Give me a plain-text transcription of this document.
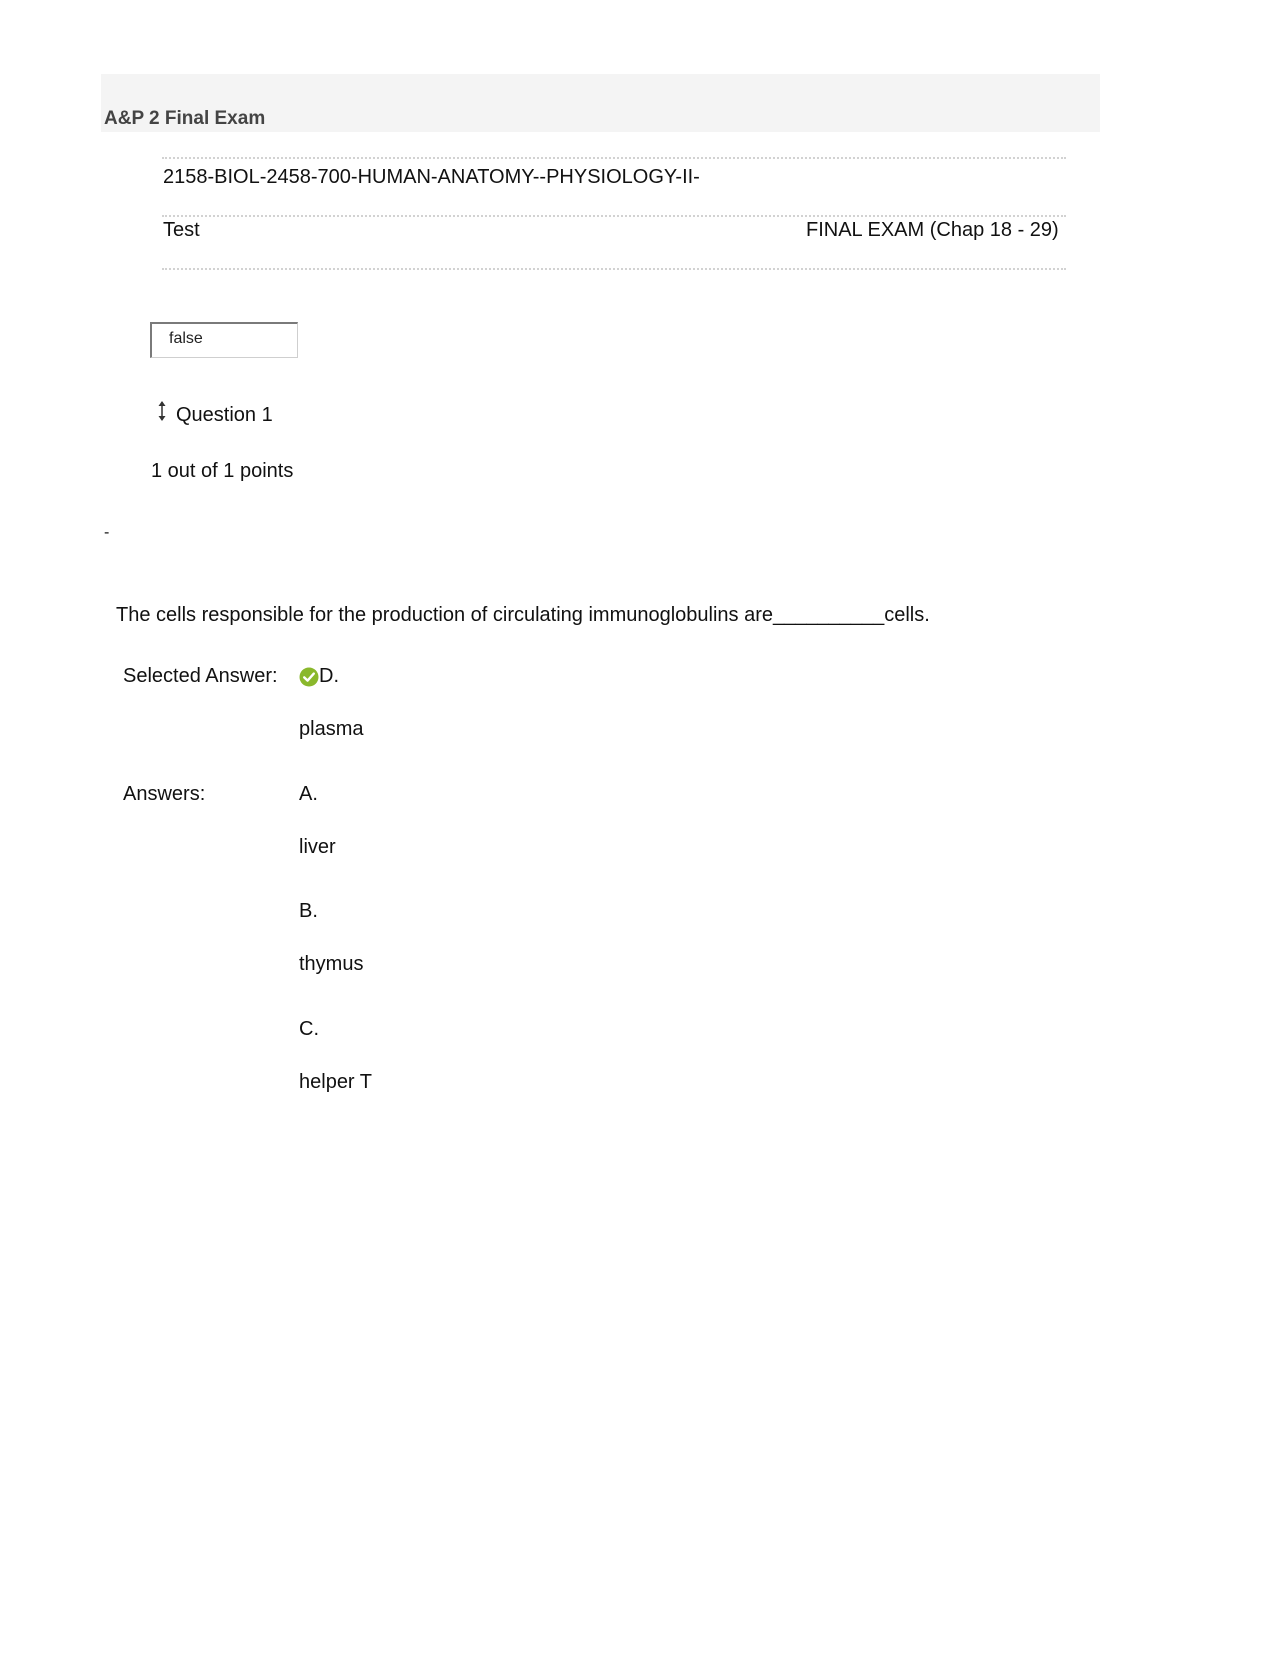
A&P 2 Final Exam
2158-BIOL-2458-700-HUMAN-ANATOMY--PHYSIOLOGY-II-
Test	FINAL EXAM (Chap 18 - 29)
false
Question 1
1 out of 1 points
-
The cells responsible for the production of circulating immunoglobulins are__________cells.
Selected Answer: D.
plasma
Answers:	A.
liver
B.
thymus
C.
helper T
